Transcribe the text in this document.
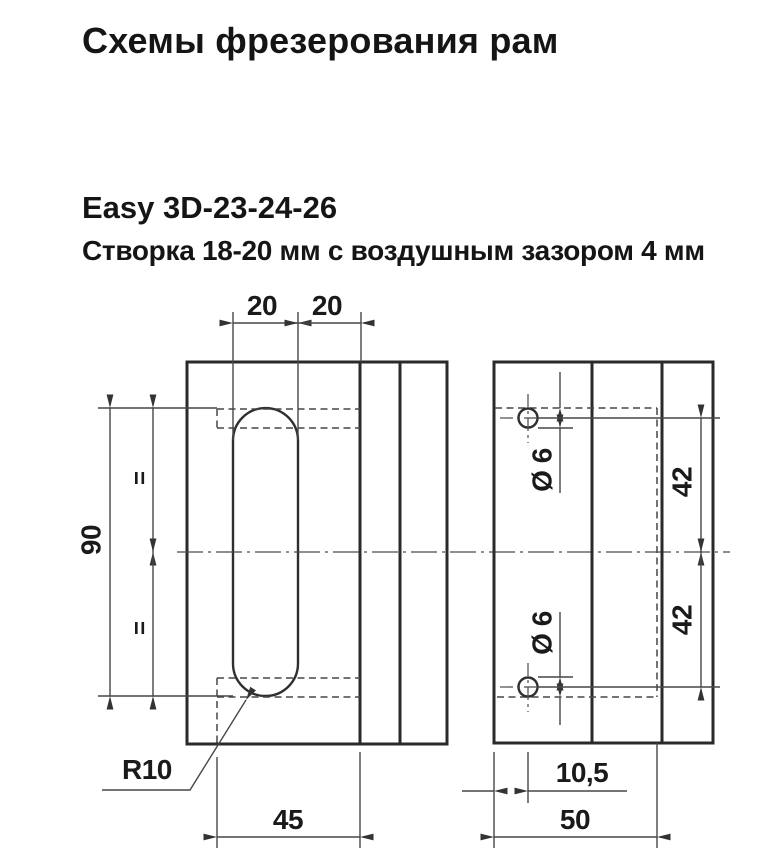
Схемы фрезерования рам
Easy 3D-23-24-26
Створка 18-20 мм с воздушным зазором 4 мм
20 20
90
=
=
R10
45
Ø 6
Ø 6
42
42
10,5
50
